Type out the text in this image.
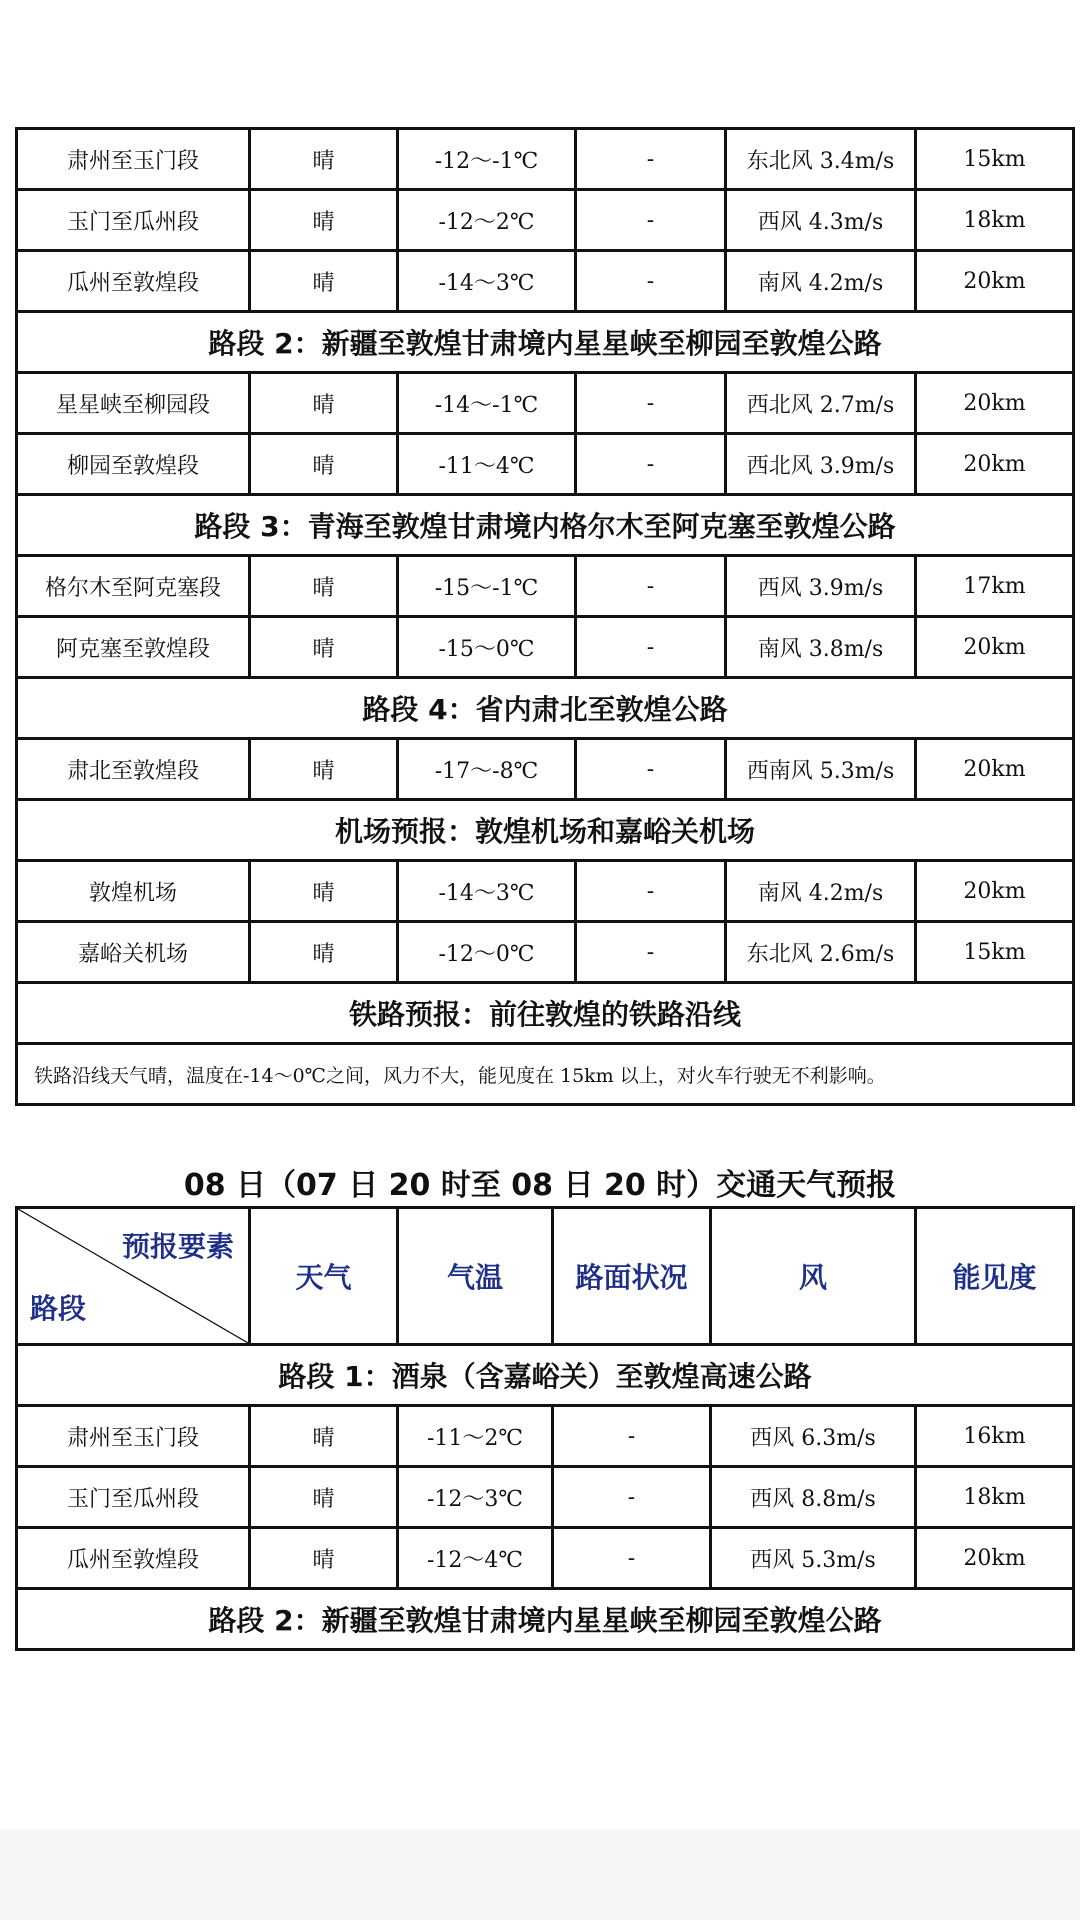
肃州至玉门段	晴	-12～-1℃	-	东北风 3.4m/s	15km
玉门至瓜州段	晴	-12～2℃	-	西风 4.3m/s	18km
瓜州至敦煌段	晴	-14～3℃	-	南风 4.2m/s	20km
路段 2：新疆至敦煌甘肃境内星星峡至柳园至敦煌公路					
星星峡至柳园段	晴	-14～-1℃	-	西北风 2.7m/s	20km
柳园至敦煌段	晴	-11～4℃	-	西北风 3.9m/s	20km
路段 3：青海至敦煌甘肃境内格尔木至阿克塞至敦煌公路					
格尔木至阿克塞段	晴	-15～-1℃	-	西风 3.9m/s	17km
阿克塞至敦煌段	晴	-15～0℃	-	南风 3.8m/s	20km
路段 4：省内肃北至敦煌公路					
肃北至敦煌段	晴	-17～-8℃	-	西南风 5.3m/s	20km
机场预报：敦煌机场和嘉峪关机场					
敦煌机场	晴	-14～3℃	-	南风 4.2m/s	20km
嘉峪关机场	晴	-12～0℃	-	东北风 2.6m/s	15km
铁路预报：前往敦煌的铁路沿线					
铁路沿线天气晴，温度在-14～0℃之间，风力不大，能见度在 15km 以上，对火车行驶无不利影响。					
08 日（07 日 20 时至 08 日 20 时）交通天气预报
预报要素
路段	天气	气温	路面状况	风	能见度
路段 1：酒泉（含嘉峪关）至敦煌高速公路					
肃州至玉门段	晴	-11～2℃	-	西风 6.3m/s	16km
玉门至瓜州段	晴	-12～3℃	-	西风 8.8m/s	18km
瓜州至敦煌段	晴	-12～4℃	-	西风 5.3m/s	20km
路段 2：新疆至敦煌甘肃境内星星峡至柳园至敦煌公路					
